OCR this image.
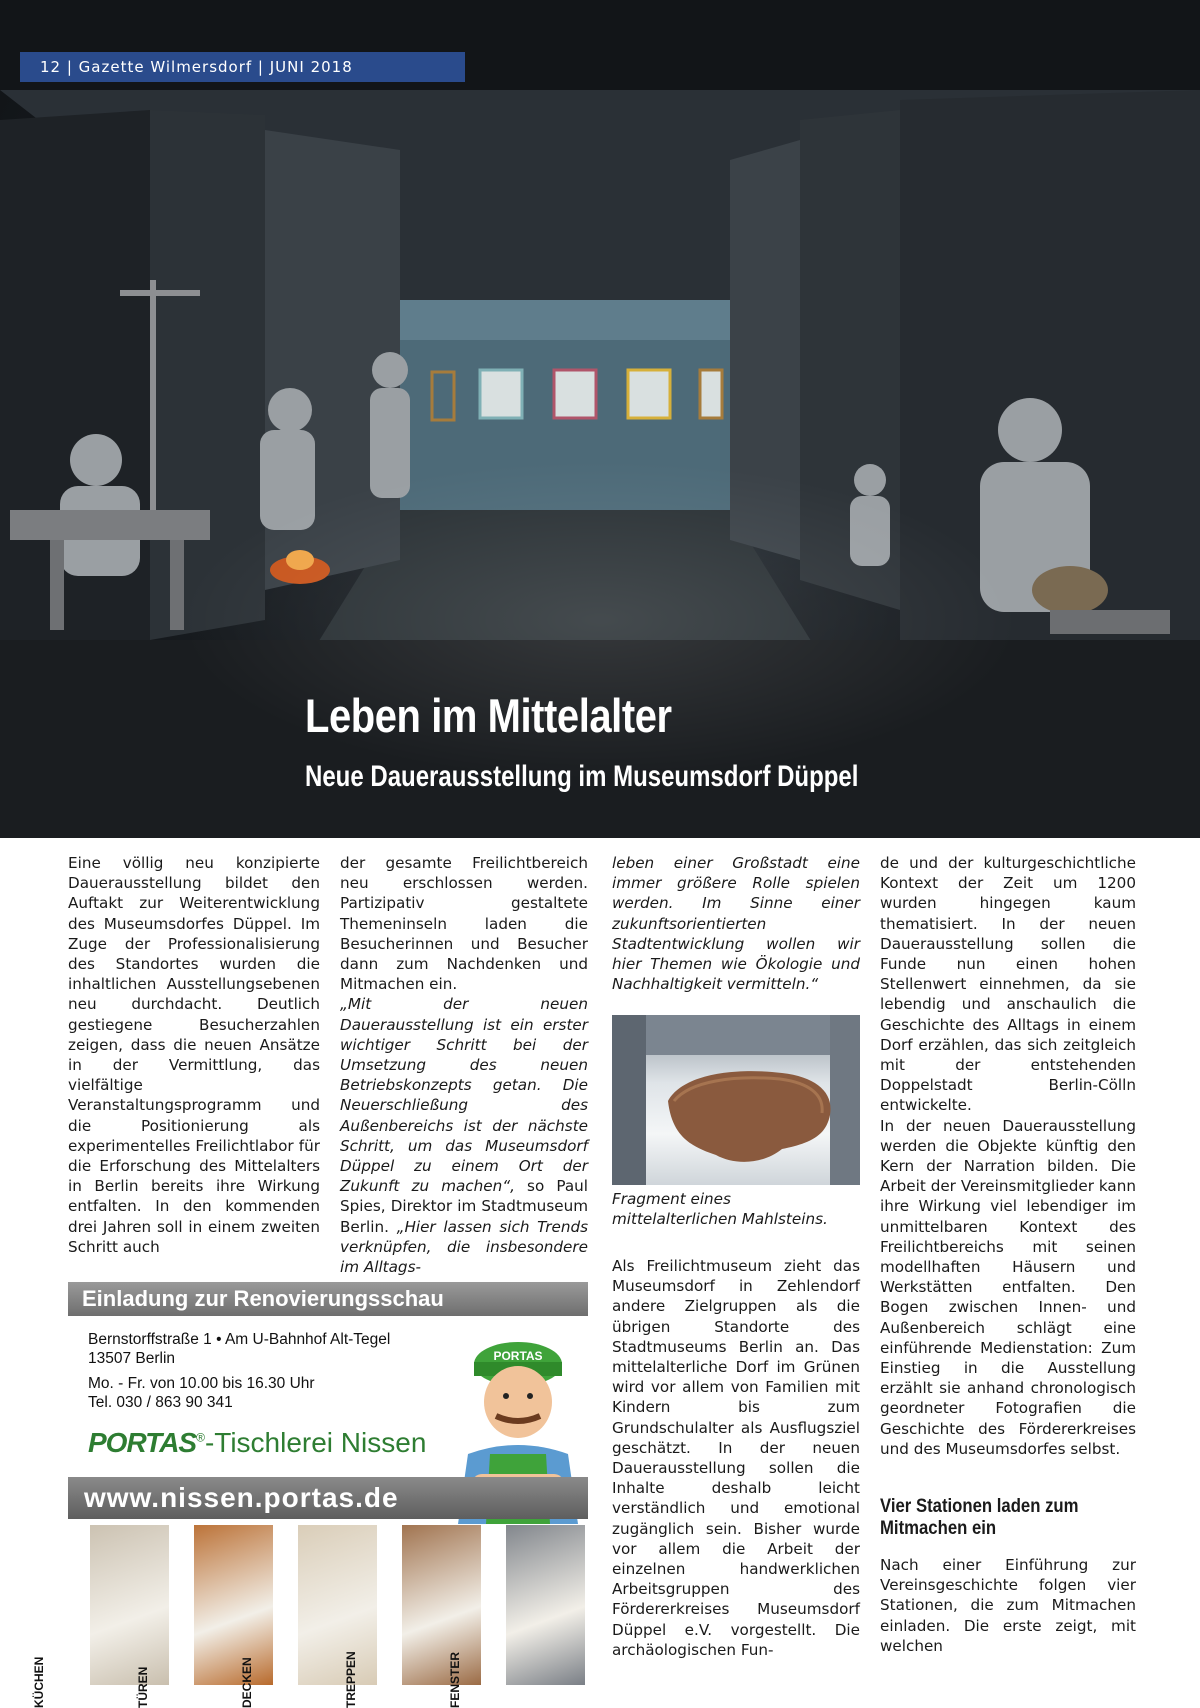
12 | Gazette Wilmersdorf | JUNI 2018
Leben im Mittelalter
Neue Dauerausstellung im Museumsdorf Düppel
Eine völlig neu konzipierte Dauerausstellung bildet den Auftakt zur Weiterentwicklung des Museumsdorfes Düppel. Im Zuge der Professionalisierung des Standortes wurden die inhaltlichen Ausstellungsebenen neu durchdacht. Deutlich gestiegene Besucherzahlen zeigen, dass die neuen Ansätze in der Vermittlung, das vielfältige Veranstaltungsprogramm und die Positionierung als experimentelles Freilichtlabor für die Erforschung des Mittelalters in Berlin bereits ihre Wirkung entfalten. In den kommenden drei Jahren soll in einem zweiten Schritt auch

der gesamte Freilichtbereich neu erschlossen werden. Partizipativ gestaltete Themeninseln laden die Besucherinnen und Besucher dann zum Nachdenken und Mitmachen ein.

„Mit der neuen Dauerausstellung ist ein erster wichtiger Schritt bei der Umsetzung des neuen Betriebskonzepts getan. Die Neuerschließung des Außenbereichs ist der nächste Schritt, um das Museumsdorf Düppel zu einem Ort der Zukunft zu machen“, so Paul Spies, Direktor im Stadtmuseum Berlin. „Hier lassen sich Trends verknüpfen, die insbesondere im Alltags-

leben einer Großstadt eine immer größere Rolle spielen werden. Im Sinne einer zukunftsorientierten Stadtentwicklung wollen wir hier Themen wie Ökologie und Nachhaltigkeit vermitteln.“
Fragment eines mittelalterlichen Mahlsteins.
Als Freilichtmuseum zieht das Museumsdorf in Zehlendorf andere Zielgruppen als die übrigen Standorte des Stadtmuseums Berlin an. Das mittelalterliche Dorf im Grünen wird vor allem von Familien mit Kindern bis zum Grundschulalter als Ausflugsziel geschätzt. In der neuen Dauerausstellung sollen die Inhalte deshalb leicht verständlich und emotional zugänglich sein. Bisher wurde vor allem die Arbeit der einzelnen handwerklichen Arbeitsgruppen des Fördererkreises Museumsdorf Düppel e.V. vorgestellt. Die archäologischen Fun-

de und der kulturgeschichtliche Kontext der Zeit um 1200 wurden hingegen kaum thematisiert. In der neuen Dauerausstellung sollen die Funde nun einen hohen Stellenwert einnehmen, da sie lebendig und anschaulich die Geschichte des Alltags in einem Dorf erzählen, das sich zeitgleich mit der entstehenden Doppelstadt Berlin-Cölln entwickelte.

In der neuen Dauerausstellung werden die Objekte künftig den Kern der Narration bilden. Die Arbeit der Vereinsmitglieder kann ihre Wirkung viel lebendiger im unmittelbaren Kontext des Freilichtbereichs mit seinen modellhaften Häusern und Werkstätten entfalten. Den Bogen zwischen Innen- und Außenbereich schlägt eine einführende Medienstation: Zum Einstieg in die Ausstellung erzählt sie anhand chronologisch geordneter Fotografien die Geschichte des Fördererkreises und des Museumsdorfes selbst.

Vier Stationen laden zum Mitmachen ein
Nach einer Einführung zur Vereinsgeschichte folgen vier Stationen, die zum Mitmachen einladen. Die erste zeigt, mit welchen
Einladung zur Renovierungsschau
Bernstorffstraße 1 • Am U-Bahnhof Alt-Tegel
13507 Berlin
Mo. - Fr. von 10.00 bis 16.30 Uhr
Tel. 030 / 863 90 341
PORTAS®-Tischlerei Nissen
PORTAS
www.nissen.portas.de
KÜCHEN	TÜREN	DECKEN	TREPPEN	FENSTER
